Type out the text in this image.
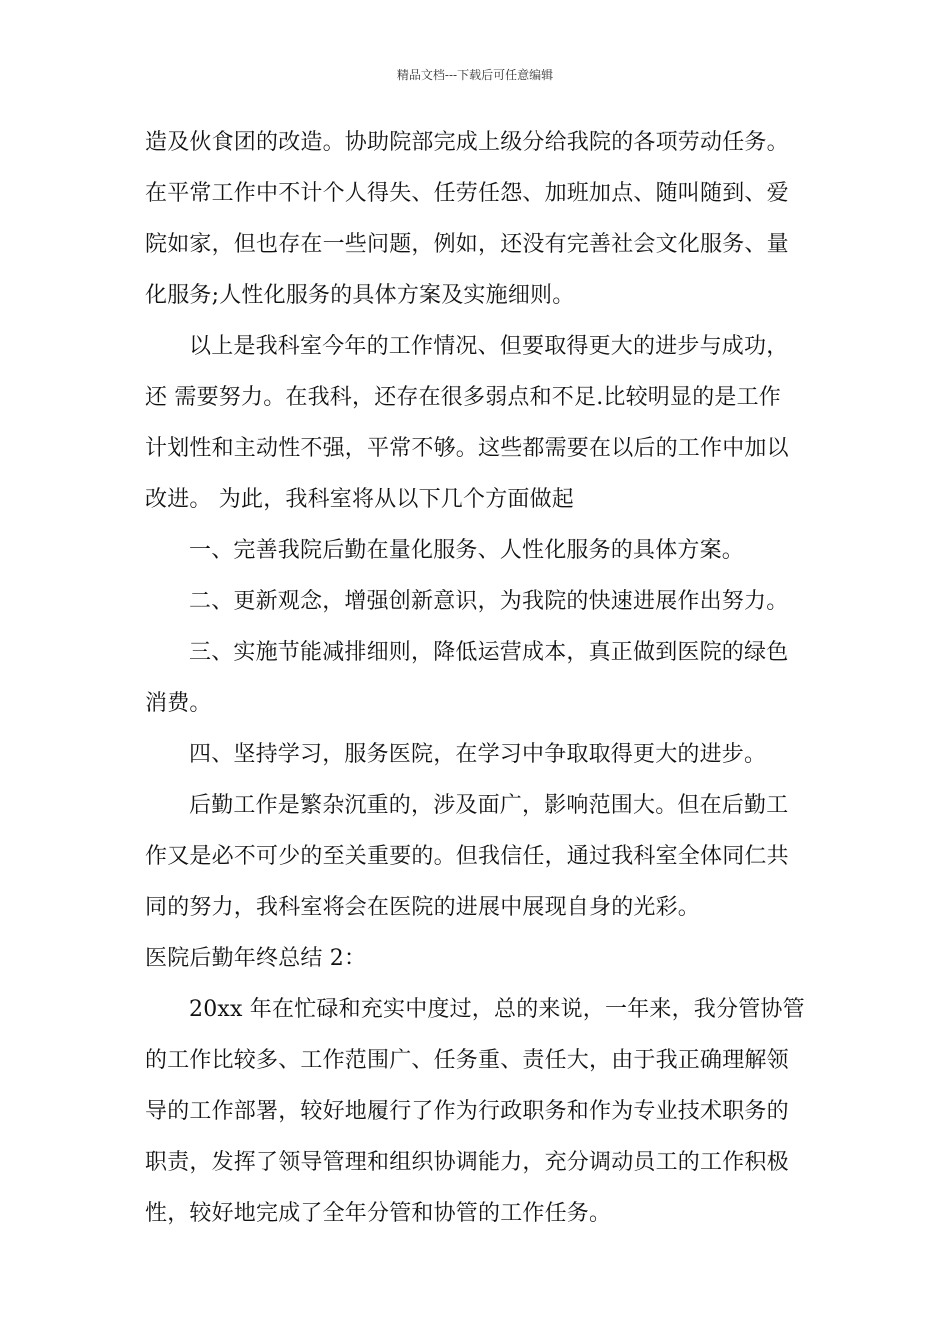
精品文档---下载后可任意编辑
造及伙食团的改造。协助院部完成上级分给我院的各项劳动任务。
在平常工作中不计个人得失、任劳任怨、加班加点、随叫随到、爱
院如家，但也存在一些问题，例如，还没有完善社会文化服务、量
化服务;人性化服务的具体方案及实施细则。
以上是我科室今年的工作情况、但要取得更大的进步与成功，
还 需要努力。在我科，还存在很多弱点和不足.比较明显的是工作
计划性和主动性不强，平常不够。这些都需要在以后的工作中加以
改进。 为此，我科室将从以下几个方面做起
一、完善我院后勤在量化服务、人性化服务的具体方案。
二、更新观念，增强创新意识，为我院的快速进展作出努力。
三、实施节能减排细则，降低运营成本，真正做到医院的绿色
消费。
四、坚持学习，服务医院，在学习中争取取得更大的进步。
后勤工作是繁杂沉重的，涉及面广，影响范围大。但在后勤工
作又是必不可少的至关重要的。但我信任，通过我科室全体同仁共
同的努力，我科室将会在医院的进展中展现自身的光彩。
医院后勤年终总结 2：
20xx 年在忙碌和充实中度过，总的来说，一年来，我分管协管
的工作比较多、工作范围广、任务重、责任大，由于我正确理解领
导的工作部署，较好地履行了作为行政职务和作为专业技术职务的
职责，发挥了领导管理和组织协调能力，充分调动员工的工作积极
性，较好地完成了全年分管和协管的工作任务。
